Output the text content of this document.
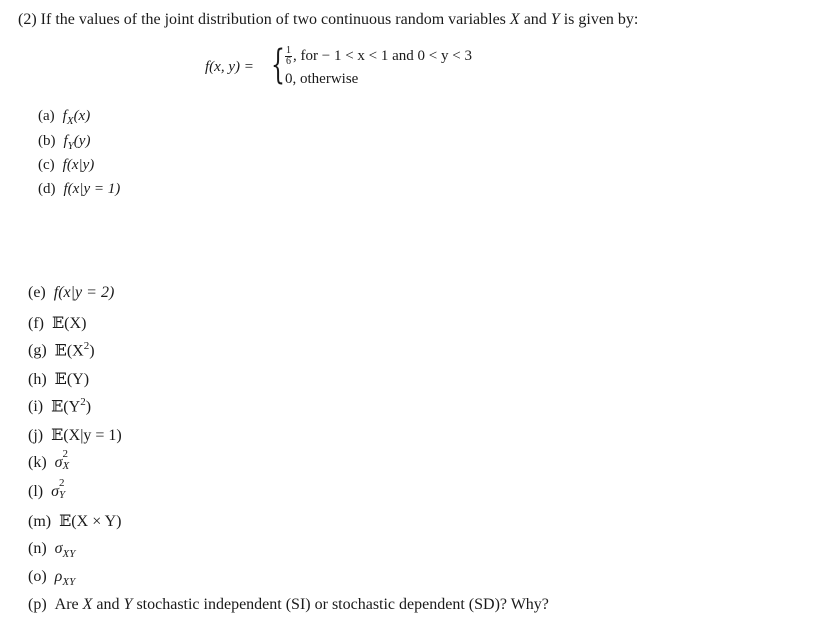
(2) If the values of the joint distribution of two continuous random variables X and Y is given by:
f(x, y) = { $\frac{1}{6}$ , for − 1 < x < 1 and 0 < y < 3
0, otherwise
(a) $f_X(x)$
(b) $f_Y(y)$
(c) f(x|y)
(d) f(x|y = 1)
(e) f(x|y = 2)
(f) 𝔼(X)
(g) $𝔼(X^2)$
(h) 𝔼(Y)
(i) $𝔼(Y^2)$
(j) 𝔼(X|y = 1)
(k) σ 2
X
(l) σ 2
Y
(m) 𝔼(X × Y)
(n) $\sigma_{XY}$
(o) $\rho_{XY}$
(p) Are X and Y stochastic independent (SI) or stochastic dependent (SD)? Why?
